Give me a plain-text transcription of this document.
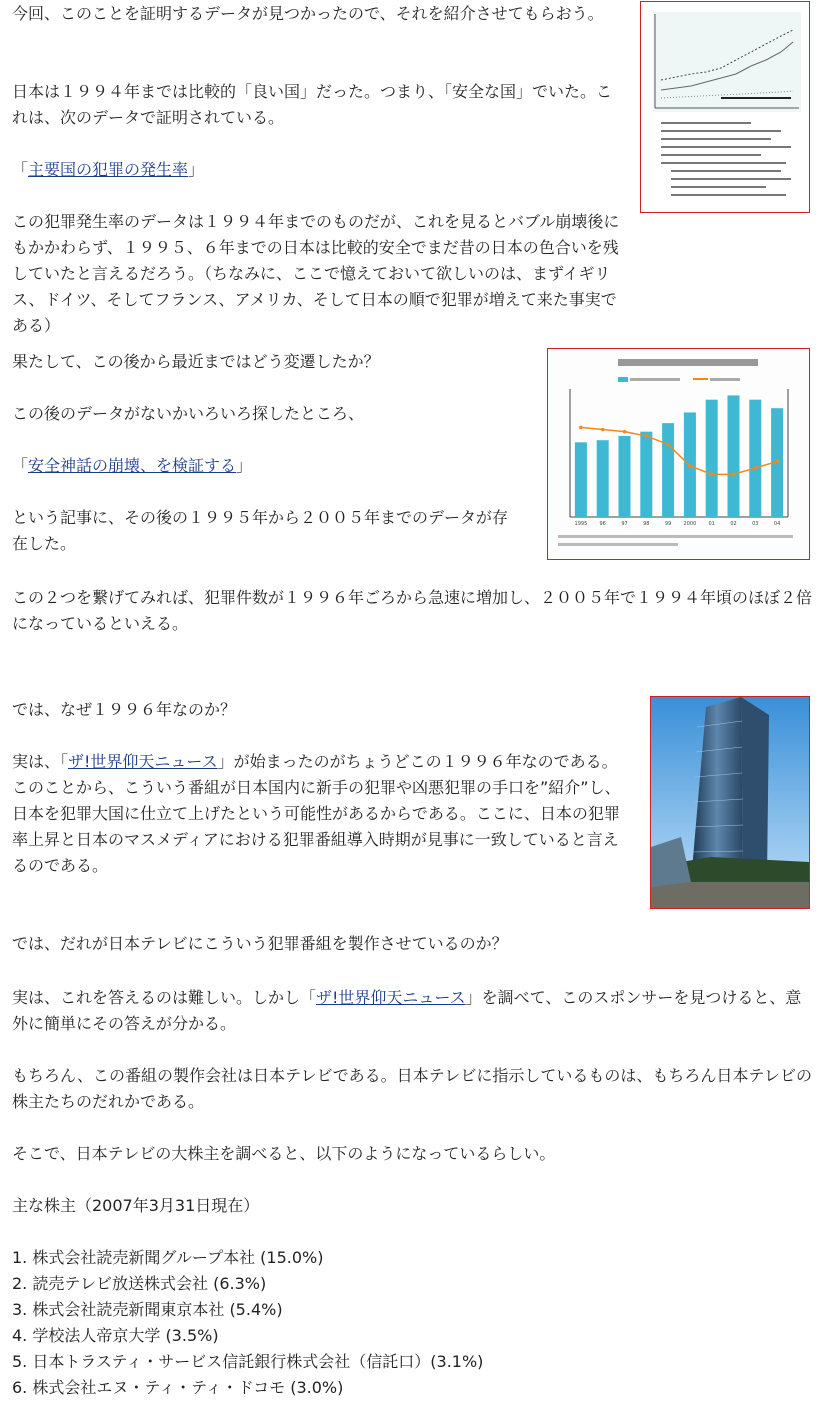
1995 96	97	98	99 2000 01	02	03	04

今回、このことを証明するデータが見つかったので、それを紹介させてもらおう。

日本は１９９４年までは比較的「良い国」だった。つまり、「安全な国」でいた。これは、次のデータで証明されている。

「主要国の犯罪の発生率」

この犯罪発生率のデータは１９９４年までのものだが、これを見るとバブル崩壊後にもかかわらず、１９９５、６年までの日本は比較的安全でまだ昔の日本の色合いを残していたと言えるだろう。（ちなみに、ここで憶えておいて欲しいのは、まずイギリス、ドイツ、そしてフランス、アメリカ、そして日本の順で犯罪が増えて来た事実である）

果たして、この後から最近まではどう変遷したか？

この後のデータがないかいろいろ探したところ、

「安全神話の崩壊、を検証する」

という記事に、その後の１９９５年から２００５年までのデータが存在した。

この２つを繋げてみれば、犯罪件数が１９９６年ごろから急速に増加し、２００５年で１９９４年頃のほぼ２倍になっているといえる。

では、なぜ１９９６年なのか？

実は、「ザ!世界仰天ニュース」が始まったのがちょうどこの１９９６年なのである。このことから、こういう番組が日本国内に新手の犯罪や凶悪犯罪の手口を”紹介”し、日本を犯罪大国に仕立て上げたという可能性があるからである。ここに、日本の犯罪率上昇と日本のマスメディアにおける犯罪番組導入時期が見事に一致していると言えるのである。

では、だれが日本テレビにこういう犯罪番組を製作させているのか？

実は、これを答えるのは難しい。しかし「ザ!世界仰天ニュース」を調べて、このスポンサーを見つけると、意外に簡単にその答えが分かる。

もちろん、この番組の製作会社は日本テレビである。日本テレビに指示しているものは、もちろん日本テレビの株主たちのだれかである。

そこで、日本テレビの大株主を調べると、以下のようになっているらしい。

主な株主（2007年3月31日現在）

1. 株式会社読売新聞グループ本社 (15.0%)
2. 読売テレビ放送株式会社 (6.3%)
3. 株式会社読売新聞東京本社 (5.4%)
4. 学校法人帝京大学 (3.5%)
5. 日本トラスティ・サービス信託銀行株式会社（信託口）(3.1%)
6. 株式会社エヌ・ティ・ティ・ドコモ (3.0%)
